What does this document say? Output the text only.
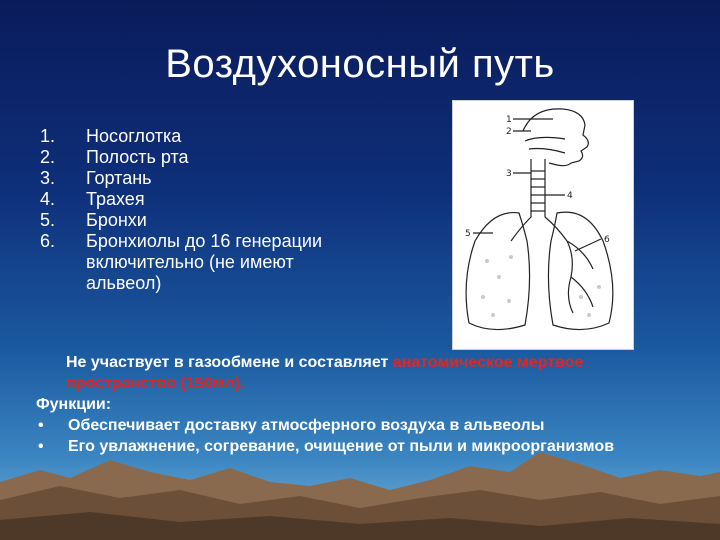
Воздухоносный путь
1.	Носоглотка
2.	Полость рта
3.	Гортань
4.	Трахея
5.	Бронхи
6.	Бронхиолы до 16 генерации включительно (не имеют альвеол)
1
2
3
4
5
6
Не участвует в газообмене и составляет анатомическое мертвое пространство (150мл).
Функции:
•	Обеспечивает доставку атмосферного воздуха в альвеолы
•	Его увлажнение, согревание, очищение от пыли и микроорганизмов
